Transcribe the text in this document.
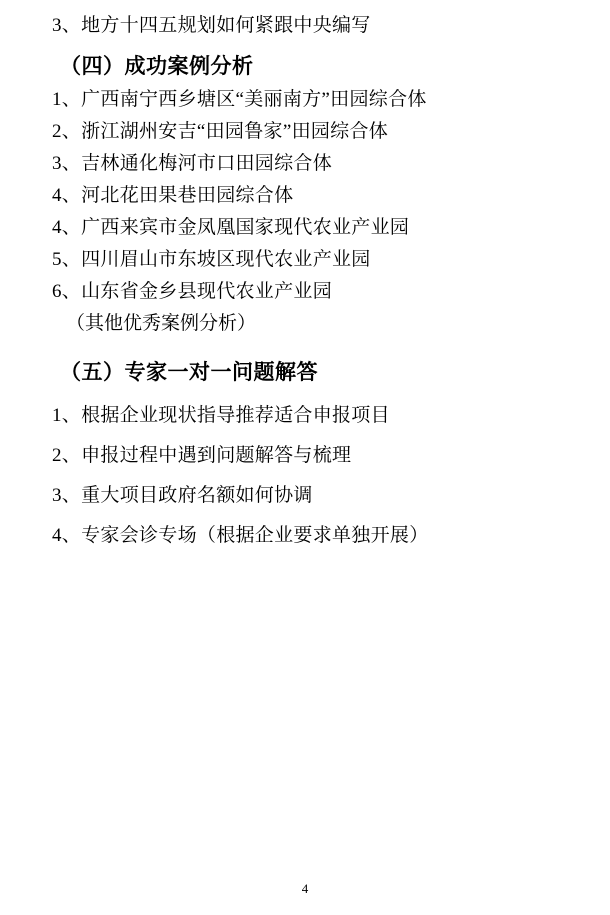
3、地方十四五规划如何紧跟中央编写
（四）成功案例分析
1、广西南宁西乡塘区“美丽南方”田园综合体
2、浙江湖州安吉“田园鲁家”田园综合体
3、吉林通化梅河市口田园综合体
4、河北花田果巷田园综合体
4、广西来宾市金凤凰国家现代农业产业园
5、四川眉山市东坡区现代农业产业园
6、山东省金乡县现代农业产业园
（其他优秀案例分析）
（五）专家一对一问题解答
1、根据企业现状指导推荐适合申报项目
2、申报过程中遇到问题解答与梳理
3、重大项目政府名额如何协调
4、专家会诊专场（根据企业要求单独开展）
4
